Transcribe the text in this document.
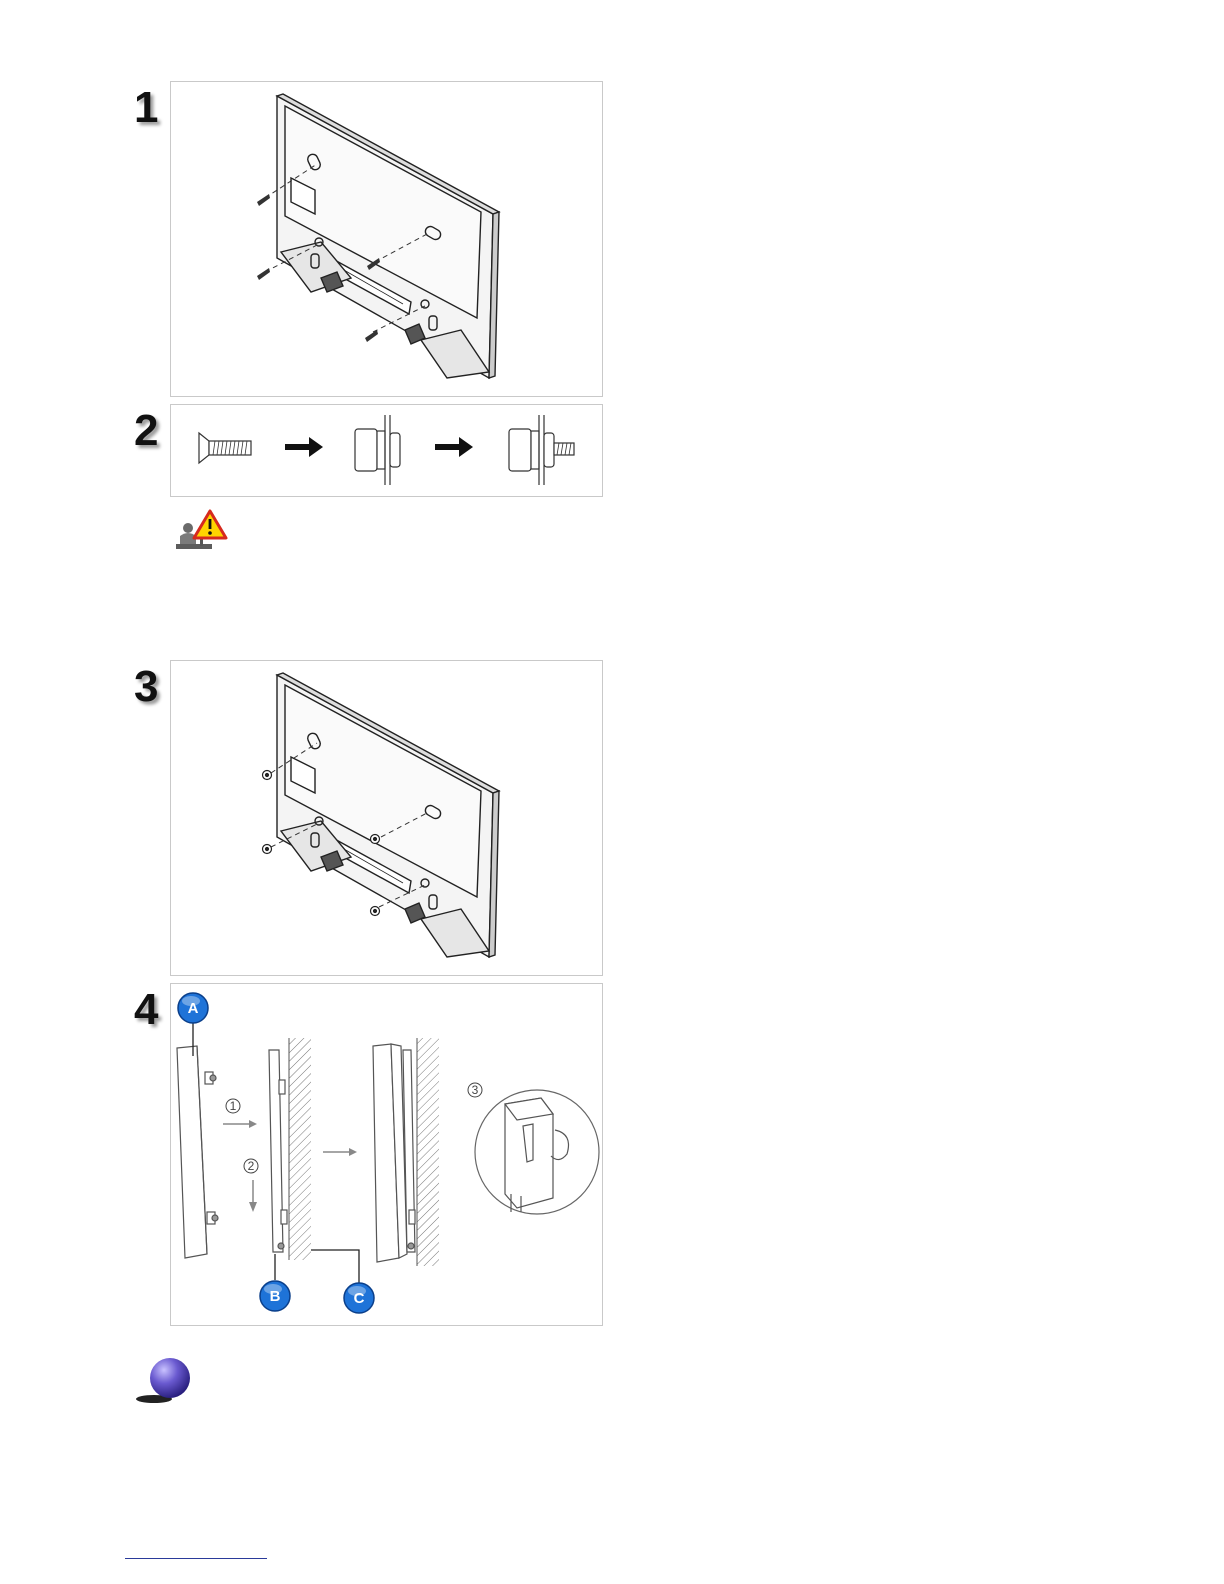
1
2
3
4
1
2
3
A
B	C
